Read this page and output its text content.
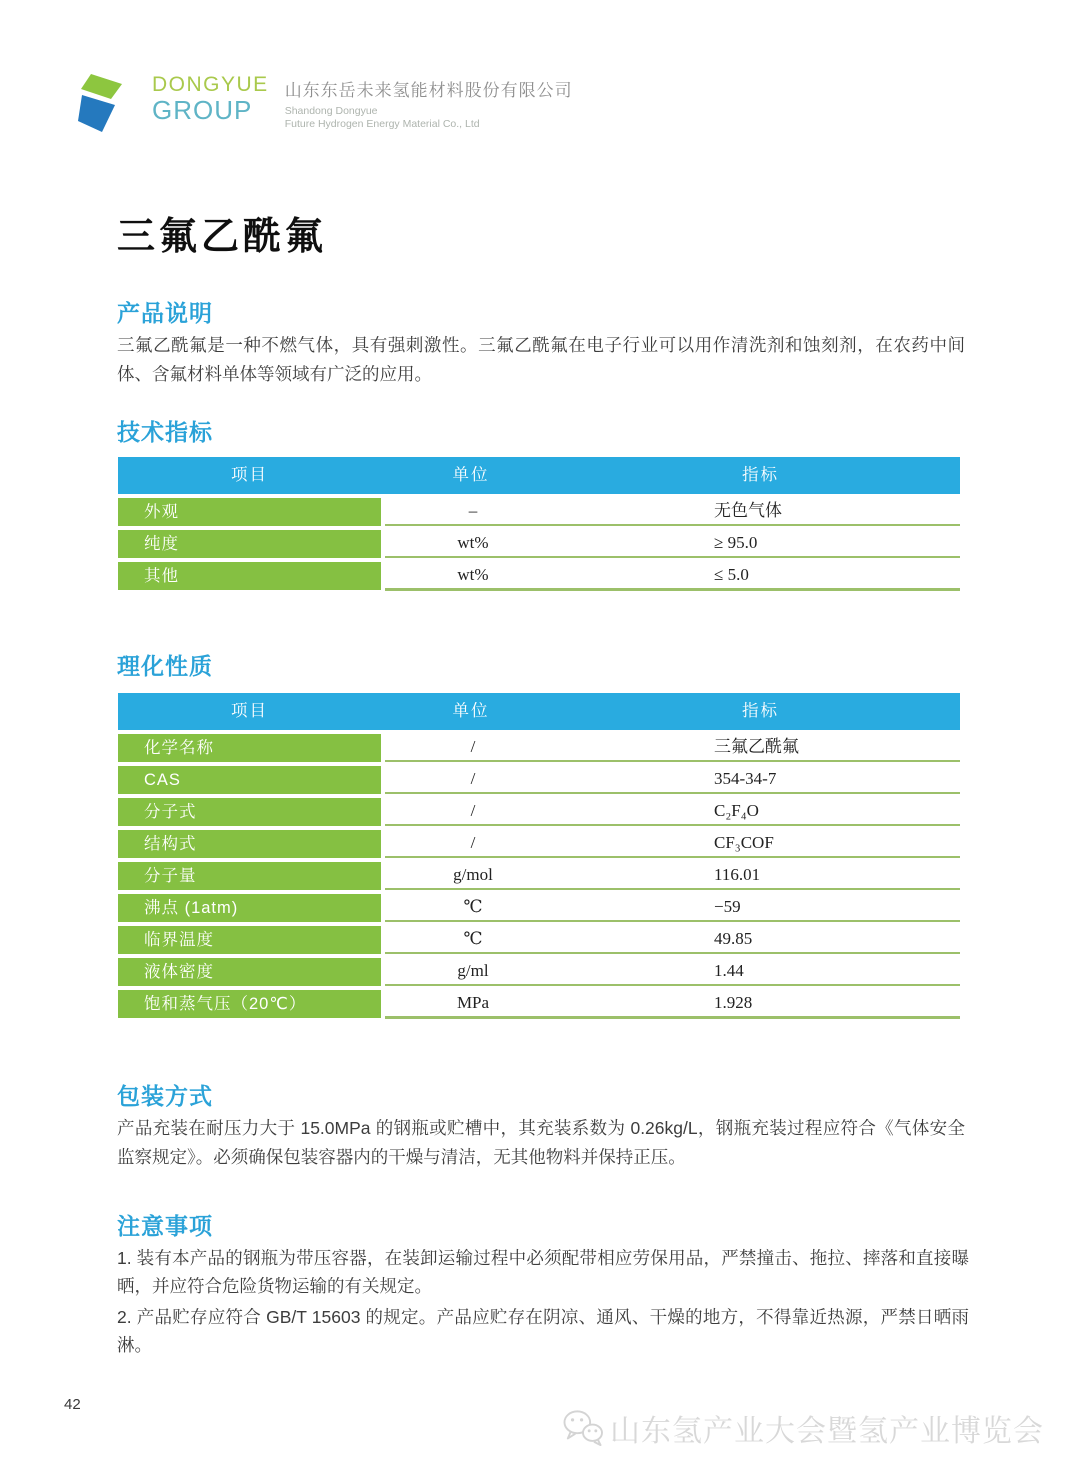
DONGYUE
GROUP
山东东岳未来氢能材料股份有限公司
Shandong Dongyue
Future Hydrogen Energy Material Co., Ltd
三氟乙酰氟
产品说明
三氟乙酰氟是一种不燃气体，具有强刺激性。三氟乙酰氟在电子行业可以用作清洗剂和蚀刻剂，在农药中间体、含氟材料单体等领域有广泛的应用。
技术指标
项目	单位	指标
外观	–	无色气体
纯度	wt%	≥ 95.0
其他	wt%	≤ 5.0
理化性质
项目	单位	指标
化学名称	/	三氟乙酰氟
CAS	/	354-34-7
分子式	/	C₂F₄O
结构式	/	CF₃COF
分子量	g/mol	116.01
沸点 (1atm)	℃	−59
临界温度	℃	49.85
液体密度	g/ml	1.44
饱和蒸气压（20℃）	MPa	1.928
包装方式
产品充装在耐压力大于 15.0MPa 的钢瓶或贮槽中，其充装系数为 0.26kg/L，钢瓶充装过程应符合《气体安全监察规定》。必须确保包装容器内的干燥与清洁，无其他物料并保持正压。
注意事项

1. 装有本产品的钢瓶为带压容器，在装卸运输过程中必须配带相应劳保用品，严禁撞击、拖拉、摔落和直接曝晒，并应符合危险货物运输的有关规定。

2. 产品贮存应符合 GB/T 15603 的规定。产品应贮存在阴凉、通风、干燥的地方，不得靠近热源，严禁日晒雨淋。

42
山东氢产业大会暨氢产业博览会
